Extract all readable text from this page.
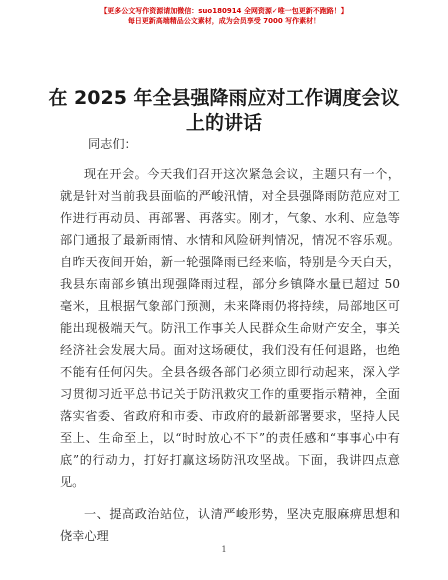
【更多公文写作资源请加微信：suo180914 全网资源✓唯一包更新不跑路！】
每日更新高端精品公文素材，成为会员享受 7000 写作素材！
在 2025 年全县强降雨应对工作调度会议上的讲话

同志们：

现在开会。今天我们召开这次紧急会议，主题只有一个，就是针对当前我县面临的严峻汛情，对全县强降雨防范应对工作进行再动员、再部署、再落实。刚才，气象、水利、应急等部门通报了最新雨情、水情和风险研判情况，情况不容乐观。自昨天夜间开始，新一轮强降雨已经来临，特别是今天白天，我县东南部乡镇出现强降雨过程，部分乡镇降水量已超过 50 毫米，且根据气象部门预测，未来降雨仍将持续，局部地区可能出现极端天气。防汛工作事关人民群众生命财产安全，事关经济社会发展大局。面对这场硬仗，我们没有任何退路，也绝不能有任何闪失。全县各级各部门必须立即行动起来，深入学习贯彻习近平总书记关于防汛救灾工作的重要指示精神，全面落实省委、省政府和市委、市政府的最新部署要求，坚持人民至上、生命至上，以“时时放心不下”的责任感和“事事心中有底”的行动力，打好打赢这场防汛攻坚战。下面，我讲四点意见。

一、提高政治站位，认清严峻形势，坚决克服麻痹思想和侥幸心理

1
